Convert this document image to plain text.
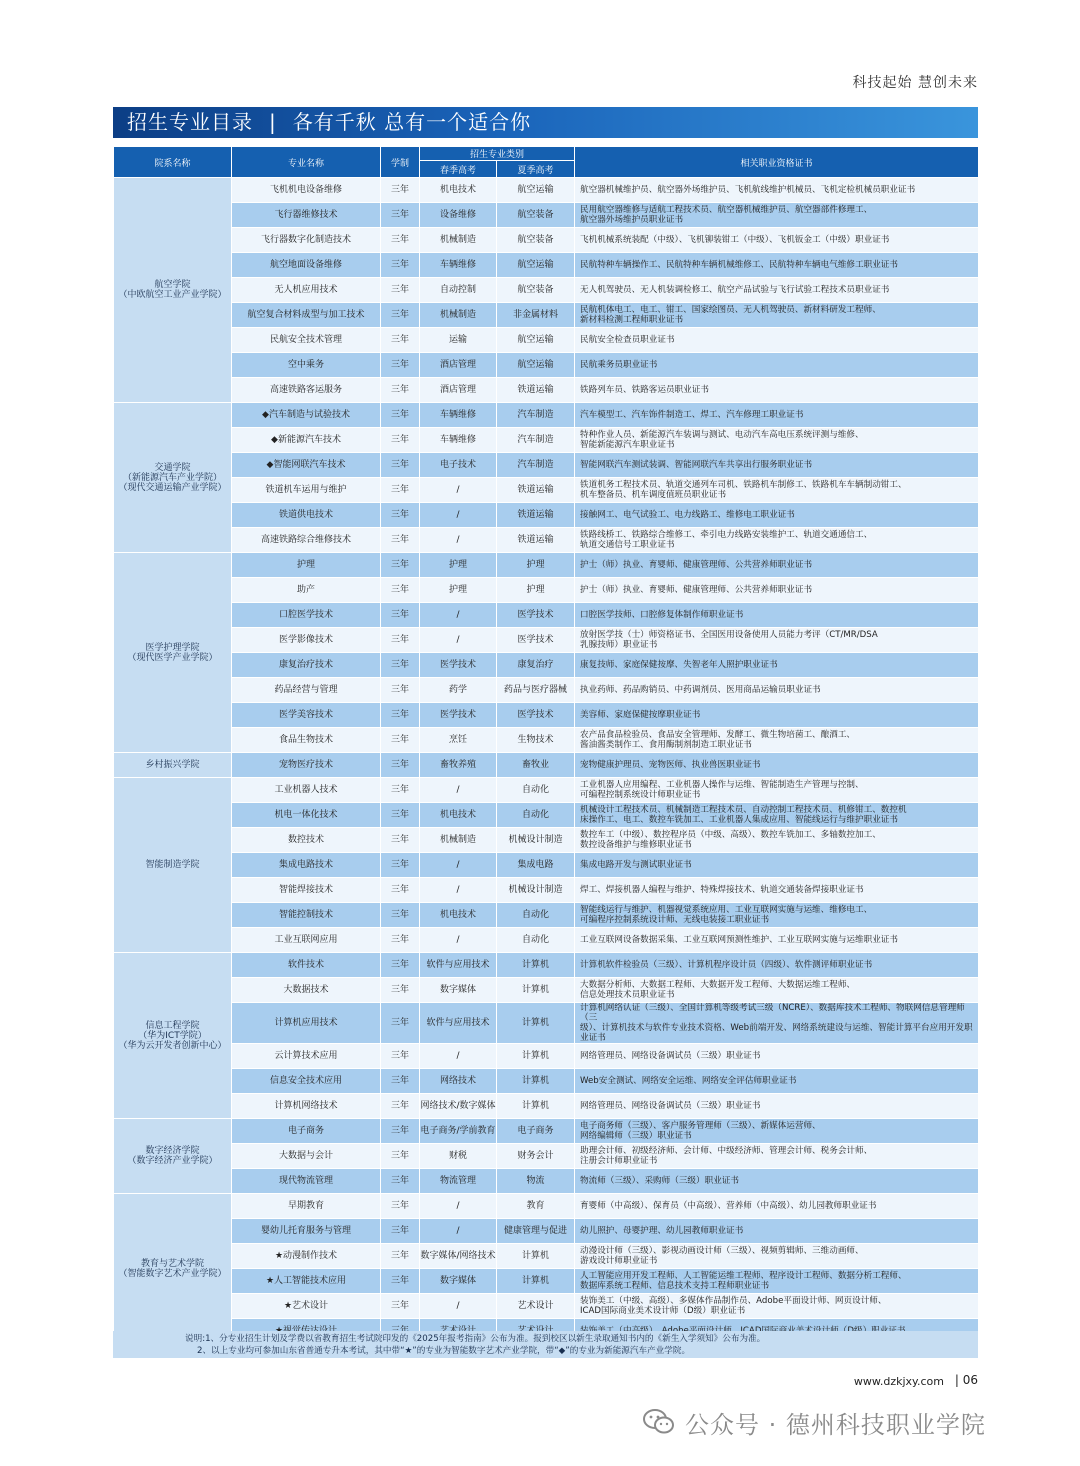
科技起始 慧创未来
招生专业目录 | 各有千秋 总有一个适合你
院系名称	专业名称	学制	招生专业类别		相关职业资格证书
			春季高考	夏季高考	
航空学院
（中欧航空工业产业学院）	飞机机电设备维修	三年	机电技术	航空运输	航空器机械维护员、航空器外场维护员、飞机航线维护机械员、飞机定检机械员职业证书
	飞行器维修技术	三年	设备维修	航空装备	民用航空器维修与适航工程技术员、航空器机械维护员、航空器部件修理工、
航空器外场维护员职业证书
	飞行器数字化制造技术	三年	机械制造	航空装备	飞机机械系统装配（中级）、飞机铆装钳工（中级）、飞机钣金工（中级）职业证书
	航空地面设备维修	三年	车辆维修	航空运输	民航特种车辆操作工、民航特种车辆机械维修工、民航特种车辆电气维修工职业证书
	无人机应用技术	三年	自动控制	航空装备	无人机驾驶员、无人机装调检修工、航空产品试验与飞行试验工程技术员职业证书
	航空复合材料成型与加工技术	三年	机械制造	非金属材料	民航机体电工、电工、钳工、国家绘图员、无人机驾驶员、新材料研发工程师、
新材料检测工程师职业证书
	民航安全技术管理	三年	运输	航空运输	民航安全检查员职业证书
	空中乘务	三年	酒店管理	航空运输	民航乘务员职业证书
	高速铁路客运服务	三年	酒店管理	铁道运输	铁路列车员、铁路客运员职业证书
交通学院
（新能源汽车产业学院）
（现代交通运输产业学院）	◆汽车制造与试验技术	三年	车辆维修	汽车制造	汽车模型工、汽车饰件制造工、焊工、汽车修理工职业证书
	◆新能源汽车技术	三年	车辆维修	汽车制造	特种作业人员、新能源汽车装调与测试、电动汽车高电压系统评测与维修、
智能新能源汽车职业证书
	◆智能网联汽车技术	三年	电子技术	汽车制造	智能网联汽车测试装调、智能网联汽车共享出行服务职业证书
	铁道机车运用与维护	三年	/	铁道运输	铁道机务工程技术员、轨道交通列车司机、铁路机车制修工、铁路机车车辆制动钳工、
机车整备员、机车调度值班员职业证书
	铁道供电技术	三年	/	铁道运输	接触网工、电气试验工、电力线路工、维修电工职业证书
	高速铁路综合维修技术	三年	/	铁道运输	铁路线桥工、铁路综合维修工、牵引电力线路安装维护工、轨道交通通信工、
轨道交通信号工职业证书
医学护理学院
（现代医学产业学院）	护理	三年	护理	护理	护士（师）执业、育婴师、健康管理师、公共营养师职业证书
	助产	三年	护理	护理	护士（师）执业、育婴师、健康管理师、公共营养师职业证书
	口腔医学技术	三年	/	医学技术	口腔医学技师、口腔修复体制作师职业证书
	医学影像技术	三年	/	医学技术	放射医学技（士）师资格证书、全国医用设备使用人员能力考评（CT/MR/DSA
乳腺技师）职业证书
	康复治疗技术	三年	医学技术	康复治疗	康复技师、家庭保健按摩、失智老年人照护职业证书
	药品经营与管理	三年	药学	药品与医疗器械	执业药师、药品购销员、中药调剂员、医用商品运输员职业证书
	医学美容技术	三年	医学技术	医学技术	美容师、家庭保健按摩职业证书
	食品生物技术	三年	烹饪	生物技术	农产品食品检验员、食品安全管理师、发酵工、微生物培菌工、酿酒工、
酱油酱类制作工、食用酶制剂制造工职业证书
乡村振兴学院	宠物医疗技术	三年	畜牧养殖	畜牧业	宠物健康护理员、宠物医师、执业兽医职业证书
智能制造学院	工业机器人技术	三年	/	自动化	工业机器人应用编程、工业机器人操作与运维、智能制造生产管理与控制、
可编程控制系统设计师职业证书
	机电一体化技术	三年	机电技术	自动化	机械设计工程技术员、机械制造工程技术员、自动控制工程技术员、机修钳工、数控机
床操作工、电工、数控车铣加工、工业机器人集成应用、智能线运行与维护职业证书
	数控技术	三年	机械制造	机械设计制造	数控车工（中级）、数控程序员（中级、高级）、数控车铣加工、多轴数控加工、
数控设备维护与维修职业证书
	集成电路技术	三年	/	集成电路	集成电路开发与测试职业证书
	智能焊接技术	三年	/	机械设计制造	焊工、焊接机器人编程与维护、特殊焊接技术、轨道交通装备焊接职业证书
	智能控制技术	三年	机电技术	自动化	智能线运行与维护、机器视觉系统应用、工业互联网实施与运维、维修电工、
可编程序控制系统设计师、无线电装接工职业证书
	工业互联网应用	三年	/	自动化	工业互联网设备数据采集、工业互联网预测性维护、工业互联网实施与运维职业证书
信息工程学院
（华为ICT学院）
（华为云开发者创新中心）	软件技术	三年	软件与应用技术	计算机	计算机软件检验员（三级）、计算机程序设计员（四级）、软件测评师职业证书
	大数据技术	三年	数字媒体	计算机	大数据分析师、大数据工程师、大数据开发工程师、大数据运维工程师、
信息处理技术员职业证书
	计算机应用技术	三年	软件与应用技术	计算机	计算机网络认证（三级）、全国计算机等级考试三级（NCRE）、数据库技术工程师、物联网信息管理师（三
级）、计算机技术与软件专业技术资格、Web前端开发、网络系统建设与运维、智能计算平台应用开发职业证书
	云计算技术应用	三年	/	计算机	网络管理员、网络设备调试员（三级）职业证书
	信息安全技术应用	三年	网络技术	计算机	Web安全测试、网络安全运维、网络安全评估师职业证书
	计算机网络技术	三年	网络技术/数字媒体	计算机	网络管理员、网络设备调试员（三级）职业证书
数字经济学院
（数字经济产业学院）	电子商务	三年	电子商务/学前教育	电子商务	电子商务师（三级）、客户服务管理师（三级）、新媒体运营师、
网络编辑师（三级）职业证书
	大数据与会计	三年	财税	财务会计	助理会计师、初级经济师、会计师、中级经济师、管理会计师、税务会计师、
注册会计师职业证书
	现代物流管理	三年	物流管理	物流	物流师（三级）、采购师（三级）职业证书
教育与艺术学院
（智能数字艺术产业学院）	早期教育	三年	/	教育	育婴师（中高级）、保育员（中高级）、营养师（中高级）、幼儿园教师职业证书
	婴幼儿托育服务与管理	三年	/	健康管理与促进	幼儿照护、母婴护理、幼儿园教师职业证书
	★动漫制作技术	三年	数字媒体/网络技术	计算机	动漫设计师（三级）、影视动画设计师（三级）、视频剪辑师、三维动画师、
游戏设计师职业证书
	★人工智能技术应用	三年	数字媒体	计算机	人工智能应用开发工程师、人工智能运维工程师、程序设计工程师、数据分析工程师、
数据库系统工程师、信息技术支持工程师职业证书
	★艺术设计	三年	/	艺术设计	装饰美工（中级、高级）、多媒体作品制作员、Adobe平面设计师、网页设计师、
ICAD国际商业美术设计师（D级）职业证书

说明:1、分专业招生计划及学费以省教育招生考试院印发的《2025年报考指南》公布为准。报到校区以新生录取通知书内的《新生入学须知》公布为准。
2、以上专业均可参加山东省普通专升本考试，其中带“★”的专业为智能数字艺术产业学院，带“◆”的专业为新能源汽车产业学院。
www.dzkjxy.com | 06
公众号 · 德州科技职业学院
